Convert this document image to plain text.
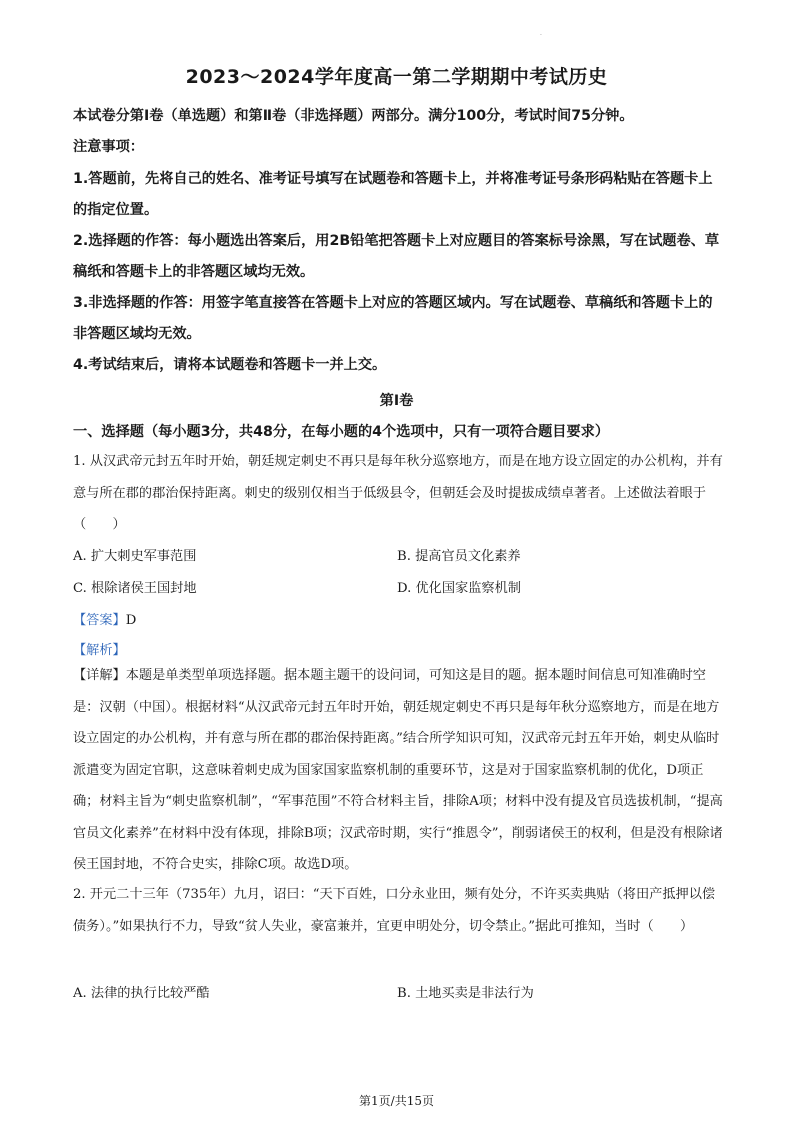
.
2023～2024学年度高一第二学期期中考试历史
本试卷分第Ⅰ卷（单选题）和第Ⅱ卷（非选择题）两部分。满分100分，考试时间75分钟。
注意事项：
1.答题前，先将自己的姓名、准考证号填写在试题卷和答题卡上，并将准考证号条形码粘贴在答题卡上的指定位置。
2.选择题的作答：每小题选出答案后，用2B铅笔把答题卡上对应题目的答案标号涂黑，写在试题卷、草稿纸和答题卡上的非答题区域均无效。
3.非选择题的作答：用签字笔直接答在答题卡上对应的答题区域内。写在试题卷、草稿纸和答题卡上的非答题区域均无效。
4.考试结束后，请将本试题卷和答题卡一并上交。
第Ⅰ卷
一、选择题（每小题3分，共48分，在每小题的4个选项中，只有一项符合题目要求）
1. 从汉武帝元封五年时开始，朝廷规定刺史不再只是每年秋分巡察地方，而是在地方设立固定的办公机构，并有意与所在郡的郡治保持距离。刺史的级别仅相当于低级县令，但朝廷会及时提拔成绩卓著者。上述做法着眼于（　　）
A. 扩大刺史军事范围	B. 提高官员文化素养
C. 根除诸侯王国封地	D. 优化国家监察机制
【答案】D
【解析】
【详解】本题是单类型单项选择题。据本题主题干的设问词，可知这是目的题。据本题时间信息可知准确时空是：汉朝（中国）。根据材料“从汉武帝元封五年时开始，朝廷规定刺史不再只是每年秋分巡察地方，而是在地方设立固定的办公机构，并有意与所在郡的郡治保持距离。”结合所学知识可知，汉武帝元封五年开始，刺史从临时派遣变为固定官职，这意味着刺史成为国家国家监察机制的重要环节，这是对于国家监察机制的优化，D项正确；材料主旨为“刺史监察机制”，“军事范围”不符合材料主旨，排除A项；材料中没有提及官员选拔机制，“提高官员文化素养”在材料中没有体现，排除B项；汉武帝时期，实行“推恩令”，削弱诸侯王的权利，但是没有根除诸侯王国封地，不符合史实，排除C项。故选D项。
2. 开元二十三年（735年）九月，诏曰：“天下百姓，口分永业田，频有处分，不许买卖典贴（将田产抵押以偿债务）。”如果执行不力，导致“贫人失业，豪富兼并，宜更申明处分，切令禁止。”据此可推知，当时（　　）
A. 法律的执行比较严酷	B. 土地买卖是非法行为
第1页/共15页
